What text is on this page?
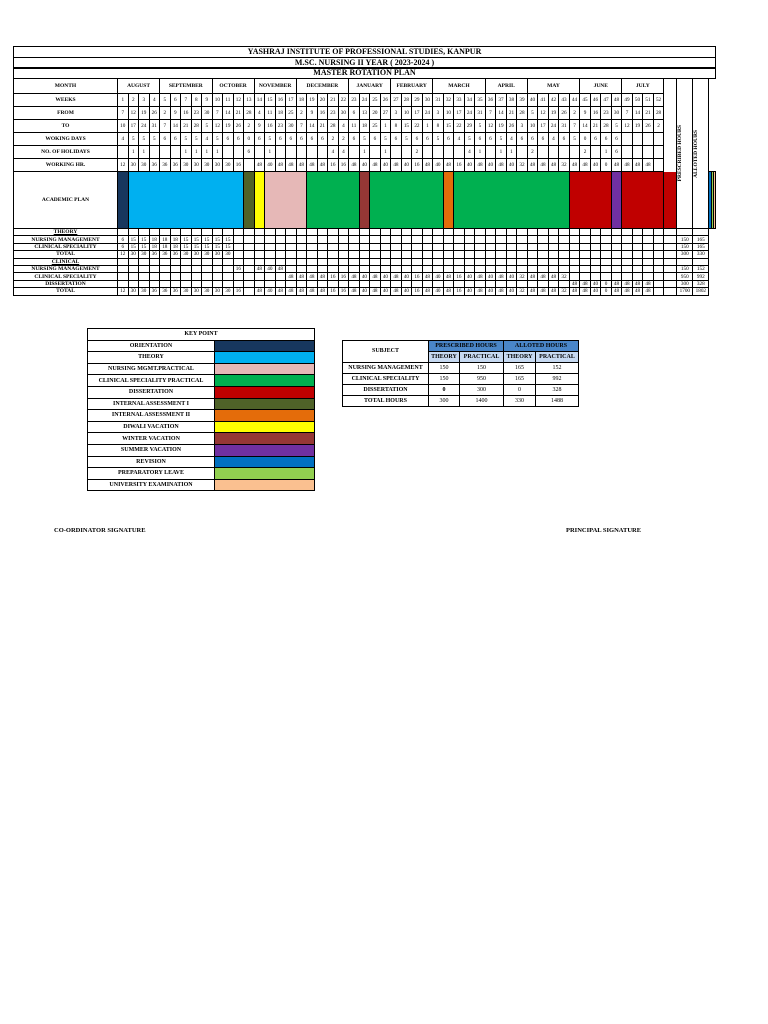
YASHRAJ INSTITUTE OF PROFESSIONAL STUDIES, KANPUR
M.SC. NURSING II YEAR ( 2023-2024 )
MASTER ROTATION PLAN
MONTH	AUGUST				SEPTEMBER					OCTOBER				NOVEMBER				DECEMBER					JANUARY				FEBRUARY				MARCH					APRIL				MAY					JUNE				JULY					PRESCRIBED HOURS	ALLOTED HOURS			

WEEKS	1	2	3	4	5	6	7	8	9	10	11	12	13	14	15	16	17	18	19	20	21	22	23	24	25	26	27	28	29	30	31	32	33	34	35	36	37	38	39	40	41	42	43	44	45	46	47	48	49	50	51	52						
FROM	7	12	19	26	2	9	16	23	30	7	14	21	28	4	11	18	25	2	9	16	23	30	6	13	20	27	3	10	17	24	3	10	17	24	31	7	14	21	28	5	12	19	26	2	9	16	23	30	7	14	21	28						
TO	10	17	24	31	7	14	21	28	5	12	19	26	2	9	16	23	30	7	14	21	28	4	11	18	25	1	8	15	22	1	8	15	22	29	5	12	19	26	3	10	17	24	31	7	14	21	28	5	12	19	26	2						
WOKING DAYS	4	5	5	5	6	6	5	5	4	5	6	6	0	6	5	6	6	6	6	6	2	2	6	5	6	5	6	5	6	6	5	6	4	5	6	6	5	4	6	6	6	4	6	5	0	6	6	6										
NO. OF HOLIDAYS		1	1				1	1	1	1			6		1						4	4		1		1			2					4	1		1	1		2					2		1	6										
WORKING HR.	12	30	30	36	36	36	30	30	30	30	30	16		48	40	48	48	48	48	48	16	16	48	40	48	40	48	40	16	48	40	48	16	40	48	40	48	40	32	48	48	48	32	48	48	40	0	48	48	48	48							
ACADEMIC PLAN																																																										
THEORY																																																										
NURSING MANAGEMENT	6	15	15	18	18	18	15	15	15	15	15																																											150	165			
CLINICAL SPECIALITY	6	15	15	18	18	18	15	15	15	15	15																																											150	165			
TOTAL	12	30	30	36	36	36	30	30	30	30	30																																											300	330			
CLINICAL																																																										
NURSING MANAGEMENT												16		48	40	48																																						150	152			
CLINICAL SPECIALITY																	48	48	48	48	16	16	48	40	48	40	48	40	16	48	40	48	16	40	48	40	48	40	32	48	48	48	32											950	992			
DISSERTATION																																												48	48	40	0	48	48	48	48			300	328			
TOTAL	12	30	30	36	36	36	30	30	30	30	30	16		48	40	48	48	48	48	48	16	16	48	40	48	40	48	40	16	48	40	48	16	40	48	40	48	40	32	48	48	48	32	48	48	40	0	48	48	48	48			1700	1802			
KEY POINT	
ORIENTATION	
THEORY	
NURSING MGMT.PRACTICAL	
CLINICAL SPECIALITY PRACTICAL	
DISSERTATION	
INTERNAL ASSESSMENT I	
INTERNAL ASSESSMENT II	
DIWALI VACATION	
WINTER VACATION	
SUMMER VACATION	
REVISION	
PREPARATORY LEAVE	
UNIVERSITY EXAMINATION	
SUBJECT	PRESCRIBED HOURS		ALLOTED HOURS	
	THEORY	PRACTICAL	THEORY	PRACTICAL
NURSING MANAGEMENT	150	150	165	152
CLINICAL SPECIALITY	150	950	165	992
DISSERTATION	0	300	0	328
TOTAL HOURS	300	1400	330	1488
CO-ORDINATOR SIGNATURE	PRINCIPAL SIGNATURE
